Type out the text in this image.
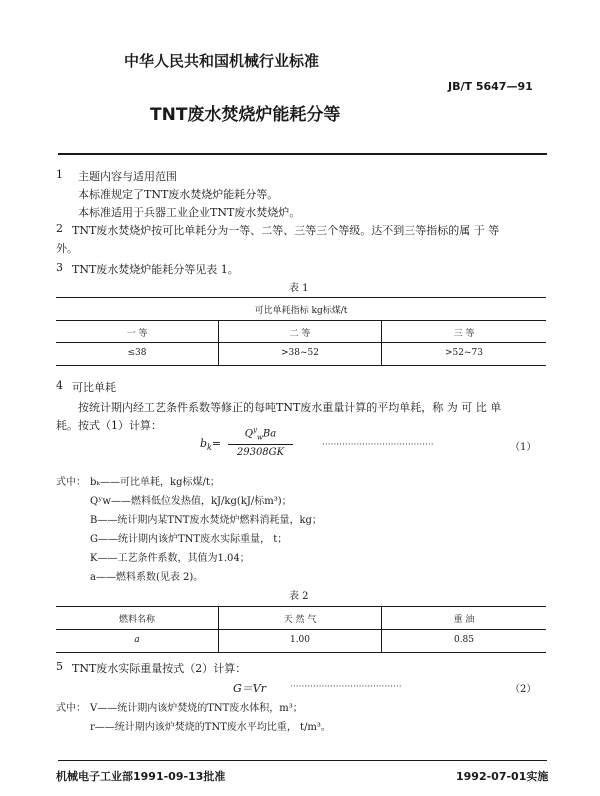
中华人民共和国机械行业标准
JB/T 5647—91
TNT废水焚烧炉能耗分等
1 主题内容与适用范围
本标准规定了TNT废水焚烧炉能耗分等。
本标准适用于兵器工业企业TNT废水焚烧炉。
2 TNT废水焚烧炉按可比单耗分为一等、二等、三等三个等级。达不到三等指标的属 于 等
外。
3 TNT废水焚烧炉能耗分等见表 1。
表 1
可比单耗指标 kg标煤/t
一 等	二 等	三 等
≤38	>38~52	>52~73
4 可比单耗
按统计期内经工艺条件系数等修正的每吨TNT废水重量计算的平均单耗，称 为 可 比 单
耗。按式（1）计算：
$b_k=$
$Q^y_wBa$
29308GK
·······································	（1）
式中： bₖ——可比单耗，kg标煤/t；
Qʸw——燃料低位发热值，kJ/kg(kJ/标m³)；
B——统计期内某TNT废水焚烧炉燃料消耗量，kg；
G——统计期内该炉TNT废水实际重量， t；
K——工艺条件系数，其值为1.04；
a——燃料系数(见表 2)。
表 2
燃料名称	天 然 气	重 油
a	1.00	0.85
5 TNT废水实际重量按式（2）计算：
G＝Vr	·······································	（2）
式中： V——统计期内该炉焚烧的TNT废水体积，m³；
r——统计期内该炉焚烧的TNT废水平均比重， t/m³。
机械电子工业部1991-09-13批准	1992-07-01实施
